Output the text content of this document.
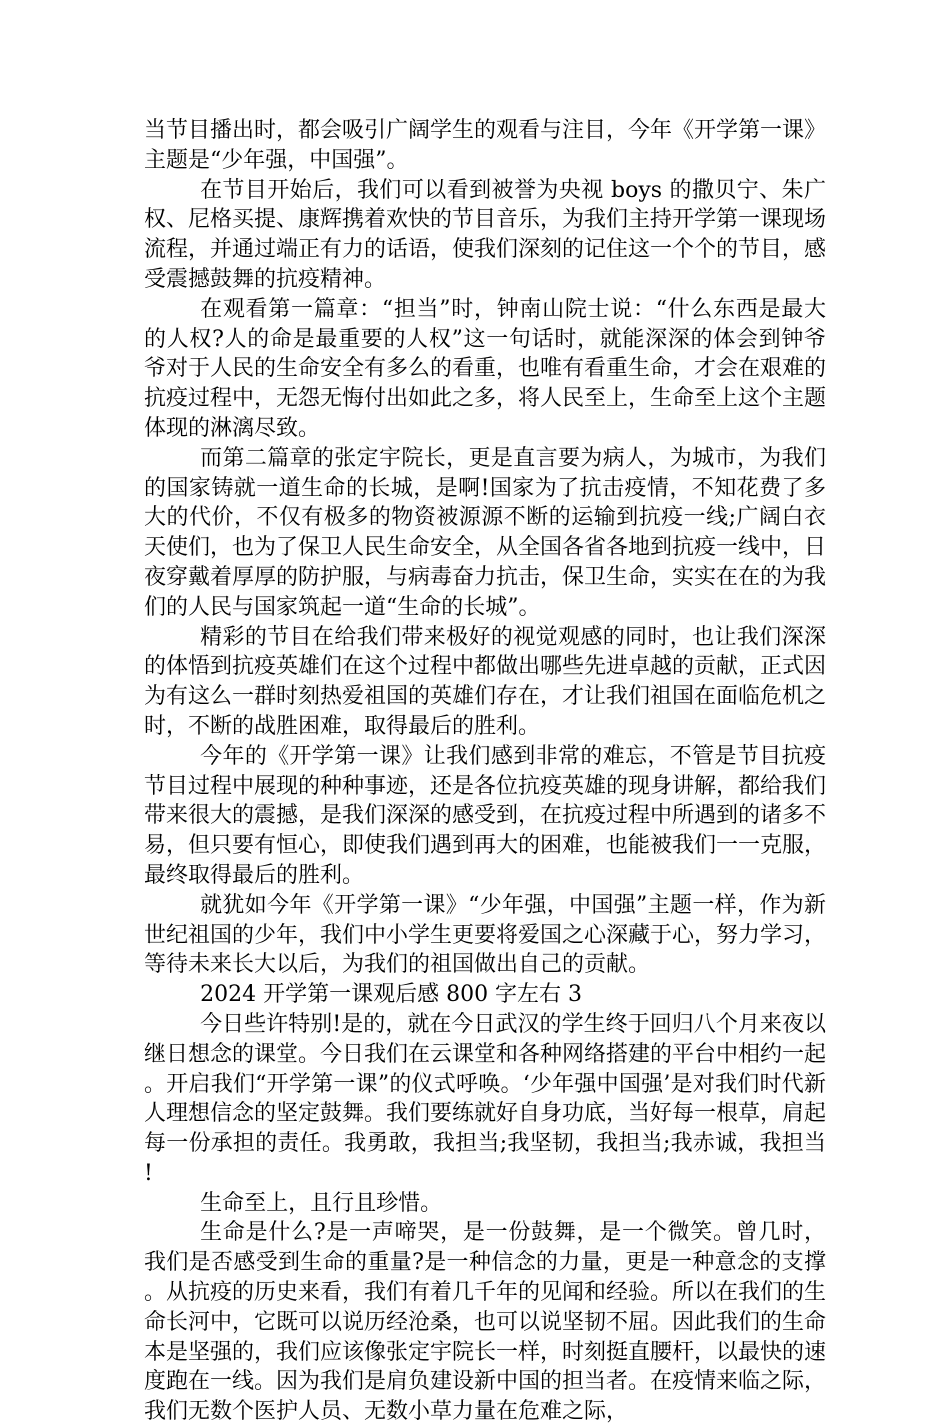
当节目播出时，都会吸引广阔学生的观看与注目，今年《开学第一课》主题是“少年强，中国强”。

在节目开始后，我们可以看到被誉为央视 boys 的撒贝宁、朱广权、尼格买提、康辉携着欢快的节目音乐，为我们主持开学第一课现场流程，并通过端正有力的话语，使我们深刻的记住这一个个的节目，感受震撼鼓舞的抗疫精神。

在观看第一篇章：“担当”时，钟南山院士说：“什么东西是最大的人权?人的命是最重要的人权”这一句话时，就能深深的体会到钟爷爷对于人民的生命安全有多么的看重，也唯有看重生命，才会在艰难的抗疫过程中，无怨无悔付出如此之多，将人民至上，生命至上这个主题体现的淋漓尽致。

而第二篇章的张定宇院长，更是直言要为病人，为城市，为我们的国家铸就一道生命的长城，是啊!国家为了抗击疫情，不知花费了多大的代价，不仅有极多的物资被源源不断的运输到抗疫一线;广阔白衣天使们，也为了保卫人民生命安全，从全国各省各地到抗疫一线中，日夜穿戴着厚厚的防护服，与病毒奋力抗击，保卫生命，实实在在的为我们的人民与国家筑起一道“生命的长城”。

精彩的节目在给我们带来极好的视觉观感的同时，也让我们深深的体悟到抗疫英雄们在这个过程中都做出哪些先进卓越的贡献，正式因为有这么一群时刻热爱祖国的英雄们存在，才让我们祖国在面临危机之时，不断的战胜困难，取得最后的胜利。

今年的《开学第一课》让我们感到非常的难忘，不管是节目抗疫节目过程中展现的种种事迹，还是各位抗疫英雄的现身讲解，都给我们带来很大的震撼，是我们深深的感受到，在抗疫过程中所遇到的诸多不易，但只要有恒心，即使我们遇到再大的困难，也能被我们一一克服，最终取得最后的胜利。

就犹如今年《开学第一课》“少年强，中国强”主题一样，作为新世纪祖国的少年，我们中小学生更要将爱国之心深藏于心，努力学习，等待未来长大以后，为我们的祖国做出自己的贡献。

2024 开学第一课观后感 800 字左右 3

今日些许特别!是的，就在今日武汉的学生终于回归八个月来夜以继日想念的课堂。今日我们在云课堂和各种网络搭建的平台中相约一起。开启我们“开学第一课”的仪式呼唤。‘少年强中国强’是对我们时代新人理想信念的坚定鼓舞。我们要练就好自身功底，当好每一根草，肩起每一份承担的责任。我勇敢，我担当;我坚韧，我担当;我赤诚，我担当!

生命至上，且行且珍惜。

生命是什么?是一声啼哭，是一份鼓舞，是一个微笑。曾几时，我们是否感受到生命的重量?是一种信念的力量，更是一种意念的支撑。从抗疫的历史来看，我们有着几千年的见闻和经验。所以在我们的生命长河中，它既可以说历经沧桑，也可以说坚韧不屈。因此我们的生命本是坚强的，我们应该像张定宇院长一样，时刻挺直腰杆，以最快的速度跑在一线。因为我们是肩负建设新中国的担当者。在疫情来临之际，我们无数个医护人员、无数小草力量在危难之际，
